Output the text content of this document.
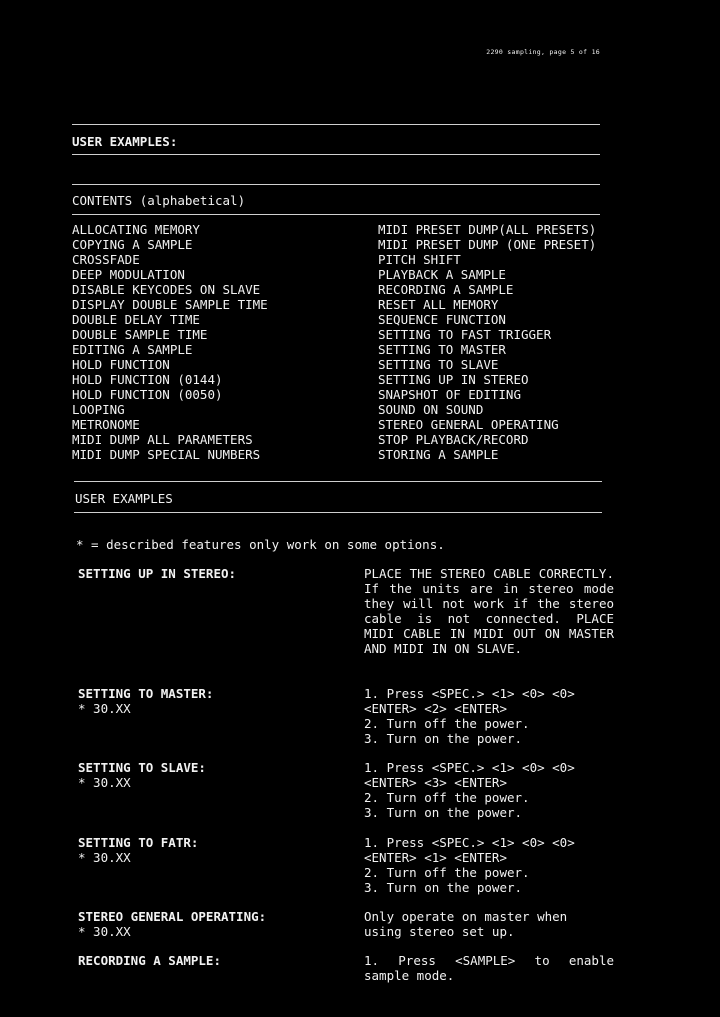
2290 sampling, page 5 of 16
USER EXAMPLES:
CONTENTS (alphabetical)
ALLOCATING MEMORY
COPYING A SAMPLE
CROSSFADE
DEEP MODULATION
DISABLE KEYCODES ON SLAVE
DISPLAY DOUBLE SAMPLE TIME
DOUBLE DELAY TIME
DOUBLE SAMPLE TIME
EDITING A SAMPLE
HOLD FUNCTION
HOLD FUNCTION (0144)
HOLD FUNCTION (0050)
LOOPING
METRONOME
MIDI DUMP ALL PARAMETERS
MIDI DUMP SPECIAL NUMBERS
MIDI PRESET DUMP(ALL PRESETS)
MIDI PRESET DUMP (ONE PRESET)
PITCH SHIFT
PLAYBACK A SAMPLE
RECORDING A SAMPLE
RESET ALL MEMORY
SEQUENCE FUNCTION
SETTING TO FAST TRIGGER
SETTING TO MASTER
SETTING TO SLAVE
SETTING UP IN STEREO
SNAPSHOT OF EDITING
SOUND ON SOUND
STEREO GENERAL OPERATING
STOP PLAYBACK/RECORD
STORING A SAMPLE
USER EXAMPLES
* = described features only work on some options.
SETTING UP IN STEREO:	PLACE THE STEREO CABLE CORRECTLY. If the units are in stereo mode they will not work if the stereo cable is not connected. PLACE MIDI CABLE IN MIDI OUT ON MASTER AND MIDI IN ON SLAVE.
SETTING TO MASTER:
* 30.XX
1. Press <SPEC.> <1> <0> <0>
<ENTER> <2> <ENTER>
2. Turn off the power.
3. Turn on the power.
SETTING TO SLAVE:
* 30.XX
1. Press <SPEC.> <1> <0> <0>
<ENTER> <3> <ENTER>
2. Turn off the power.
3. Turn on the power.
SETTING TO FATR:
* 30.XX
1. Press <SPEC.> <1> <0> <0>
<ENTER> <1> <ENTER>
2. Turn off the power.
3. Turn on the power.
STEREO GENERAL OPERATING:
* 30.XX
Only operate on master when
using stereo set up.
RECORDING A SAMPLE:	1. Press <SAMPLE> to enable sample mode.
